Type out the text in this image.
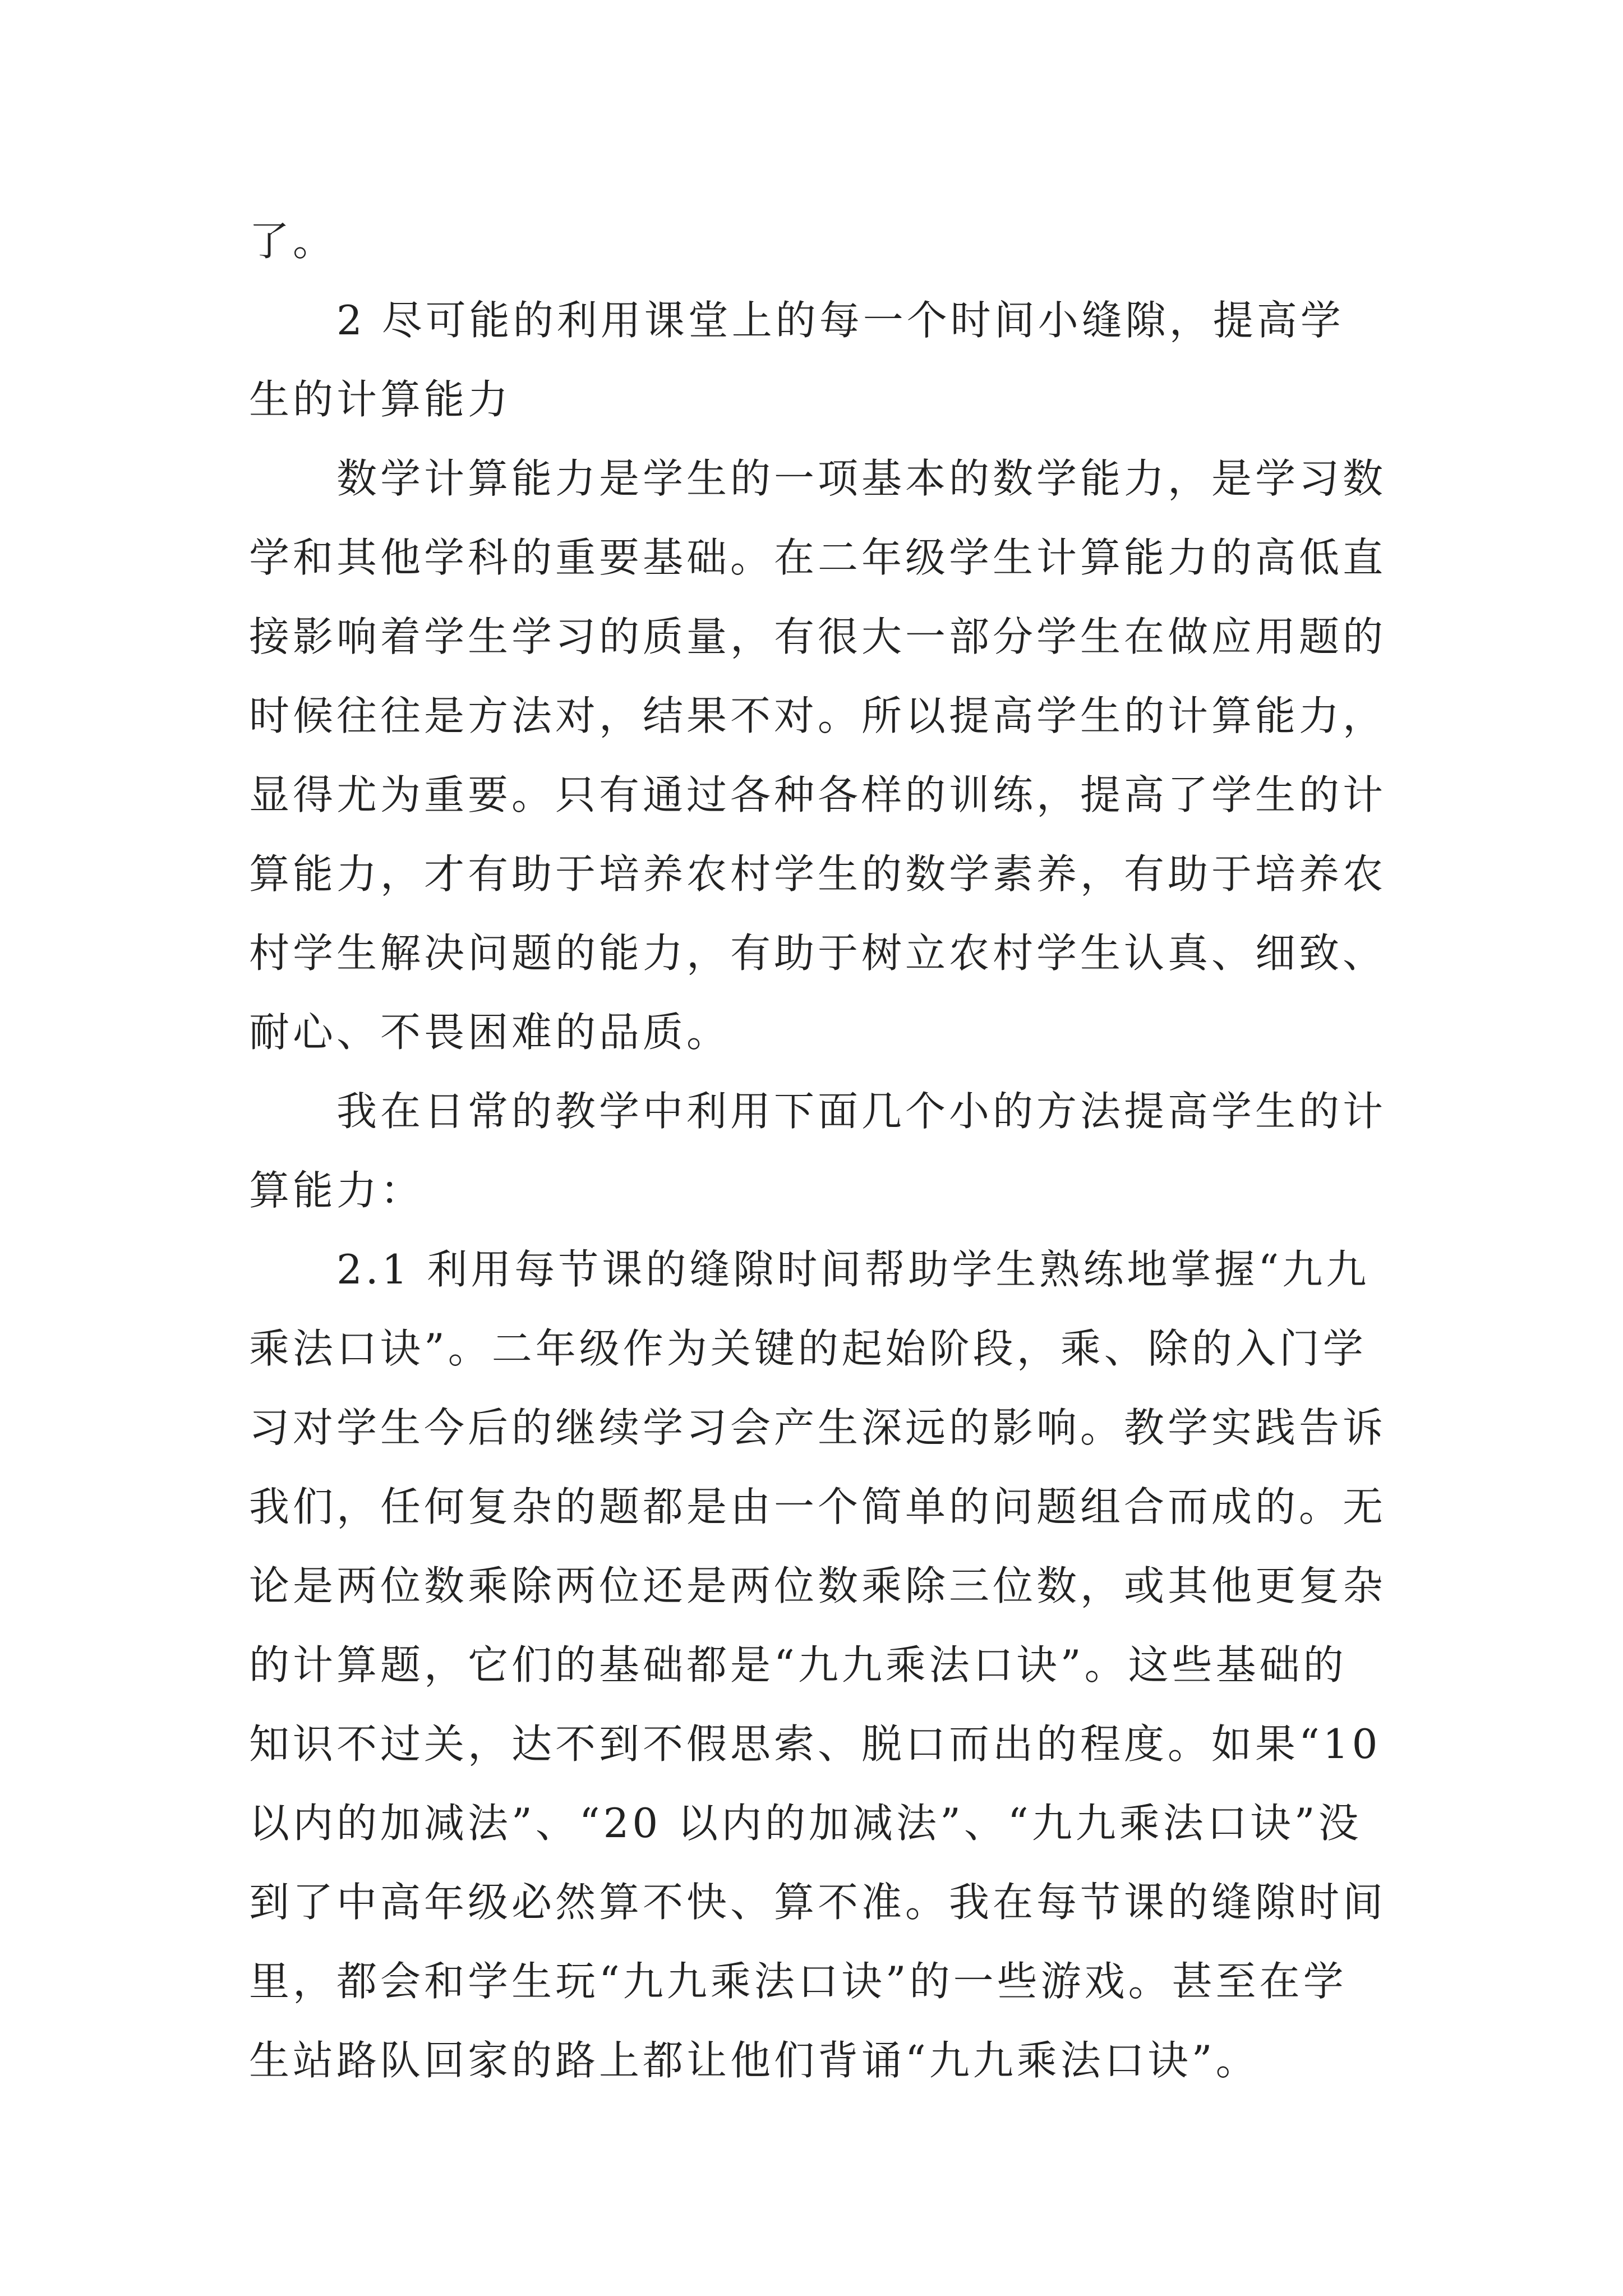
了。

　　2 尽可能的利用课堂上的每一个时间小缝隙，提高学生的计算能力

　　数学计算能力是学生的一项基本的数学能力，是学习数学和其他学科的重要基础。在二年级学生计算能力的高低直接影响着学生学习的质量，有很大一部分学生在做应用题的时候往往是方法对，结果不对。所以提高学生的计算能力，显得尤为重要。只有通过各种各样的训练，提高了学生的计算能力，才有助于培养农村学生的数学素养，有助于培养农村学生解决问题的能力，有助于树立农村学生认真、细致、耐心、不畏困难的品质。

　　我在日常的教学中利用下面几个小的方法提高学生的计算能力：

　　2.1 利用每节课的缝隙时间帮助学生熟练地掌握“九九乘法口诀”。二年级作为关键的起始阶段，乘、除的入门学习对学生今后的继续学习会产生深远的影响。教学实践告诉我们，任何复杂的题都是由一个简单的问题组合而成的。无论是两位数乘除两位还是两位数乘除三位数，或其他更复杂的计算题，它们的基础都是“九九乘法口诀”。这些基础的知识不过关，达不到不假思索、脱口而出的程度。如果“10以内的加减法”、“20 以内的加减法”、“九九乘法口诀”没到了中高年级必然算不快、算不准。我在每节课的缝隙时间里，都会和学生玩“九九乘法口诀”的一些游戏。甚至在学生站路队回家的路上都让他们背诵“九九乘法口诀”。
